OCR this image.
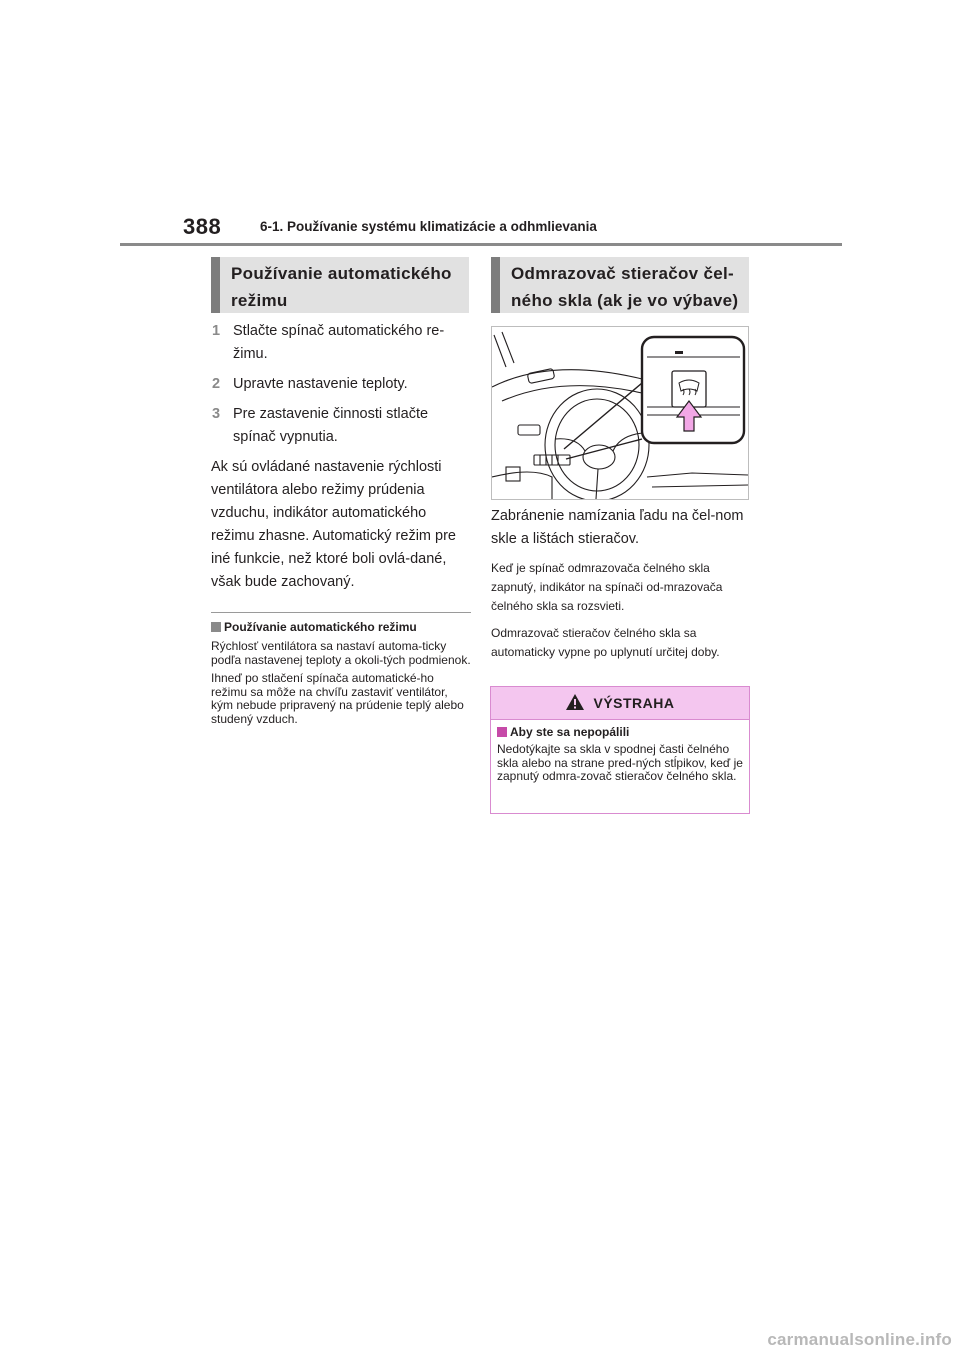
388	6-1. Používanie systému klimatizácie a odhmlievania
Používanie automatického
režimu
Odmrazovač stieračov čel-
ného skla (ak je vo výbave)
1 Stlačte spínač automatického re-žimu.
2 Upravte nastavenie teploty.
3 Pre zastavenie činnosti stlačte spínač vypnutia.
Ak sú ovládané nastavenie rýchlosti ventilátora alebo režimy prúdenia vzduchu, indikátor automatického režimu zhasne. Automatický režim pre iné funkcie, než ktoré boli ovlá-dané, však bude zachovaný.
Používanie automatického režimu
Rýchlosť ventilátora sa nastaví automa-ticky podľa nastavenej teploty a okoli-tých podmienok.
Ihneď po stlačení spínača automatické-ho režimu sa môže na chvíľu zastaviť ventilátor, kým nebude pripravený na prúdenie teplý alebo studený vzduch.
Zabránenie namízania ľadu na čel-nom skle a lištách stieračov.
Keď je spínač odmrazovača čelného skla zapnutý, indikátor na spínači od-mrazovača čelného skla sa rozsvieti.
Odmrazovač stieračov čelného skla sa automaticky vypne po uplynutí určitej doby.
VÝSTRAHA
Aby ste sa nepopálili
Nedotýkajte sa skla v spodnej časti čelného skla alebo na strane pred-ných stĺpikov, keď je zapnutý odmra-zovač stieračov čelného skla.
carmanualsonline.info
